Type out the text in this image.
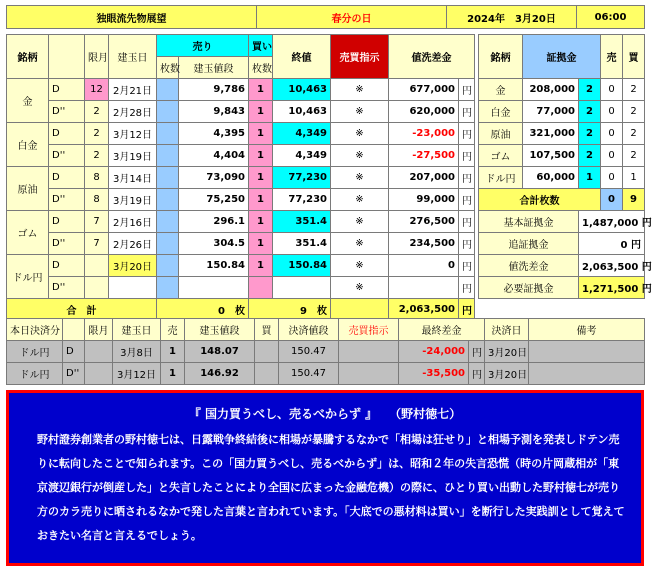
独眼流先物展望	春分の日	2024年　3月20日	06:00
銘柄		限月	建玉日	売り		買い	終値	売買指示	値洗差金	
				枚数	建玉値段	枚数				
金	D	12	2月21日		9,786	1	10,463	※	677,000	円
	D''	2	2月28日		9,843	1	10,463	※	620,000	円
白金	D	2	3月12日		4,395	1	4,349	※	-23,000	円
	D''	2	3月19日		4,404	1	4,349	※	-27,500	円
原油	D	8	3月14日		73,090	1	77,230	※	207,000	円
	D''	8	3月19日		75,250	1	77,230	※	99,000	円
ゴム	D	7	2月16日		296.1	1	351.4	※	276,500	円
	D''	7	2月26日		304.5	1	351.4	※	234,500	円
ドル円	D		3月20日		150.84	1	150.84	※	0	円
	D''							※		円
合　計				0　 枚		9　 枚			2,063,500	円
銘柄	証拠金		売	買
金	208,000	2	0	2
白金	77,000	2	0	2
原油	321,000	2	0	2
ゴム	107,500	2	0	2
ドル円	60,000	1	0	1
合計枚数			0	9
基本証拠金		1,487,000 円		
追証拠金		0 円		
値洗差金		2,063,500 円		
必要証拠金		1,271,500 円		
本日決済分		限月	建玉日	売	建玉値段	買	決済値段	売買指示	最終差金		決済日	備考
ドル円	D		3月8日	1	148.07		150.47		-24,000	円	3月20日	
ドル円	D''		3月12日	1	146.92		150.47		-35,500	円	3月20日	
『 国力買うべし、売るべからず 』　　（野村徳七）
野村證券創業者の野村徳七は、日露戦争終結後に相場が暴騰するなかで「相場は狂せり」と相場予測を発表しドテン売りに転向したことで知られます。この「国力買うべし、売るべからず」は、昭和２年の失言恐慌（時の片岡蔵相が「東京渡辺銀行が倒産した」と失言したことにより全国に広まった金融危機）の際に、ひとり買い出動した野村徳七が売り方のカラ売りに晒されるなかで発した言葉と言われています。「大底での悪材料は買い」を断行した実践訓として覚えておきたい名言と言えるでしょう。
